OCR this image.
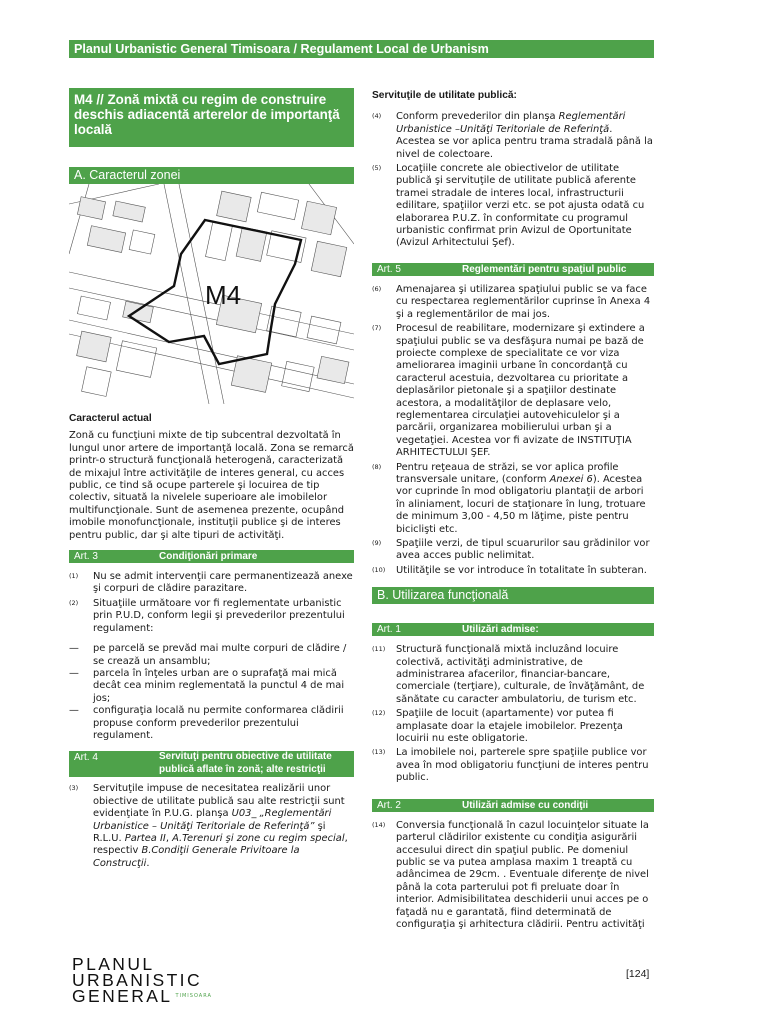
Planul Urbanistic General Timisoara / Regulament Local de Urbanism
M4 // Zonă mixtă cu regim de construire deschis adiacentă arterelor de importanţă locală
A. Caracterul zonei
M4
Caracterul actual

Zonă cu funcţiuni mixte de tip subcentral dezvoltată în lungul unor artere de importanţă locală. Zona se remarcă printr-o structură funcţională heterogenă, caracterizată de mixajul între activităţile de interes general, cu acces public, ce tind să ocupe parterele şi locuirea de tip colectiv, situată la nivelele superioare ale imobilelor multifuncţionale. Sunt de asemenea prezente, ocupând imobile monofuncţionale, instituţii publice şi de interes pentru public, dar şi alte tipuri de activităţi.

Art. 3	Condiţionări primare
(1)	Nu se admit intervenţii care permanentizează anexe şi corpuri de clădire parazitare.
(2)	Situaţiile următoare vor fi reglementate urbanistic prin P.U.D, conform legii şi prevederilor prezentului regulament:
—	pe parcelă se prevăd mai multe corpuri de clădire / se crează un ansamblu;
—	parcela în înţeles urban are o suprafaţă mai mică decât cea minim reglementată la punctul 4 de mai jos;
—	configuraţia locală nu permite conformarea clădirii propuse conform prevederilor prezentului regulament.
Art. 4	Servituţi pentru obiective de utilitate
publică aflate în zonă; alte restricţii
(3)	Servituţile impuse de necesitatea realizării unor obiective de utilitate publică sau alte restricţii sunt evidenţiate în P.U.G. planşa U03_ „Reglementări Urbanistice – Unităţi Teritoriale de Referinţă” şi R.L.U. Partea II, A.Terenuri şi zone cu regim special, respectiv B.Condiţii Generale Privitoare la Construcţii.
Servituţile de utilitate publică:
(4)	Conform prevederilor din planşa Reglementări Urbanistice –Unităţi Teritoriale de Referinţă. Acestea se vor aplica pentru trama stradală până la nivel de colectoare.
(5)	Locaţiile concrete ale obiectivelor de utilitate publică şi servituţile de utilitate publică aferente tramei stradale de interes local, infrastructurii edilitare, spaţiilor verzi etc. se pot ajusta odată cu elaborarea P.U.Z. în conformitate cu programul urbanistic confirmat prin Avizul de Oportunitate (Avizul Arhitectului Şef).
Art. 5	Reglementări pentru spaţiul public
(6)	Amenajarea şi utilizarea spaţiului public se va face cu respectarea reglementărilor cuprinse în Anexa 4 şi a reglementărilor de mai jos.
(7)	Procesul de reabilitare, modernizare şi extindere a spaţiului public se va desfăşura numai pe bază de proiecte complexe de specialitate ce vor viza ameliorarea imaginii urbane în concordanţă cu caracterul acestuia, dezvoltarea cu prioritate a deplasărilor pietonale şi a spaţiilor destinate acestora, a modalităţilor de deplasare velo, reglementarea circulaţiei autovehiculelor şi a parcării, organizarea mobilierului urban şi a vegetaţiei. Acestea vor fi avizate de INSTITUŢIA ARHITECTULUI ŞEF.
(8)	Pentru reţeaua de străzi, se vor aplica profile transversale unitare, (conform Anexei 6). Acestea vor cuprinde în mod obligatoriu plantaţii de arbori în aliniament, locuri de staţionare în lung, trotuare de minimum 3,00 - 4,50 m lăţime, piste pentru biciclişti etc.
(9)	Spaţiile verzi, de tipul scuarurilor sau grădinilor vor avea acces public nelimitat.
(10)	Utilităţile se vor introduce în totalitate în subteran.
B. Utilizarea funcţională
Art. 1	Utilizări admise:
(11)	Structură funcţională mixtă incluzând locuire colectivă, activităţi administrative, de administrarea afacerilor, financiar-bancare, comerciale (terţiare), culturale, de învăţământ, de sănătate cu caracter ambulatoriu, de turism etc.
(12)	Spaţiile de locuit (apartamente) vor putea fi amplasate doar la etajele imobilelor. Prezenţa locuirii nu este obligatorie.
(13)	La imobilele noi, parterele spre spaţiile publice vor avea în mod obligatoriu funcţiuni de interes pentru public.
Art. 2	Utilizări admise cu condiţii
(14)	Conversia funcţională în cazul locuinţelor situate la parterul clădirilor existente cu condiţia asigurării accesului direct din spaţiul public. Pe domeniul public se va putea amplasa maxim 1 treaptă cu adâncimea de 29cm. . Eventuale diferenţe de nivel până la cota parterului pot fi preluate doar în interior. Admisibilitatea deschiderii unui acces pe o faţadă nu e garantată, fiind determinată de configuraţia şi arhitectura clădirii. Pentru activităţi
PLANUL
URBANISTIC
GENERAL TIMISOARA
[124]
